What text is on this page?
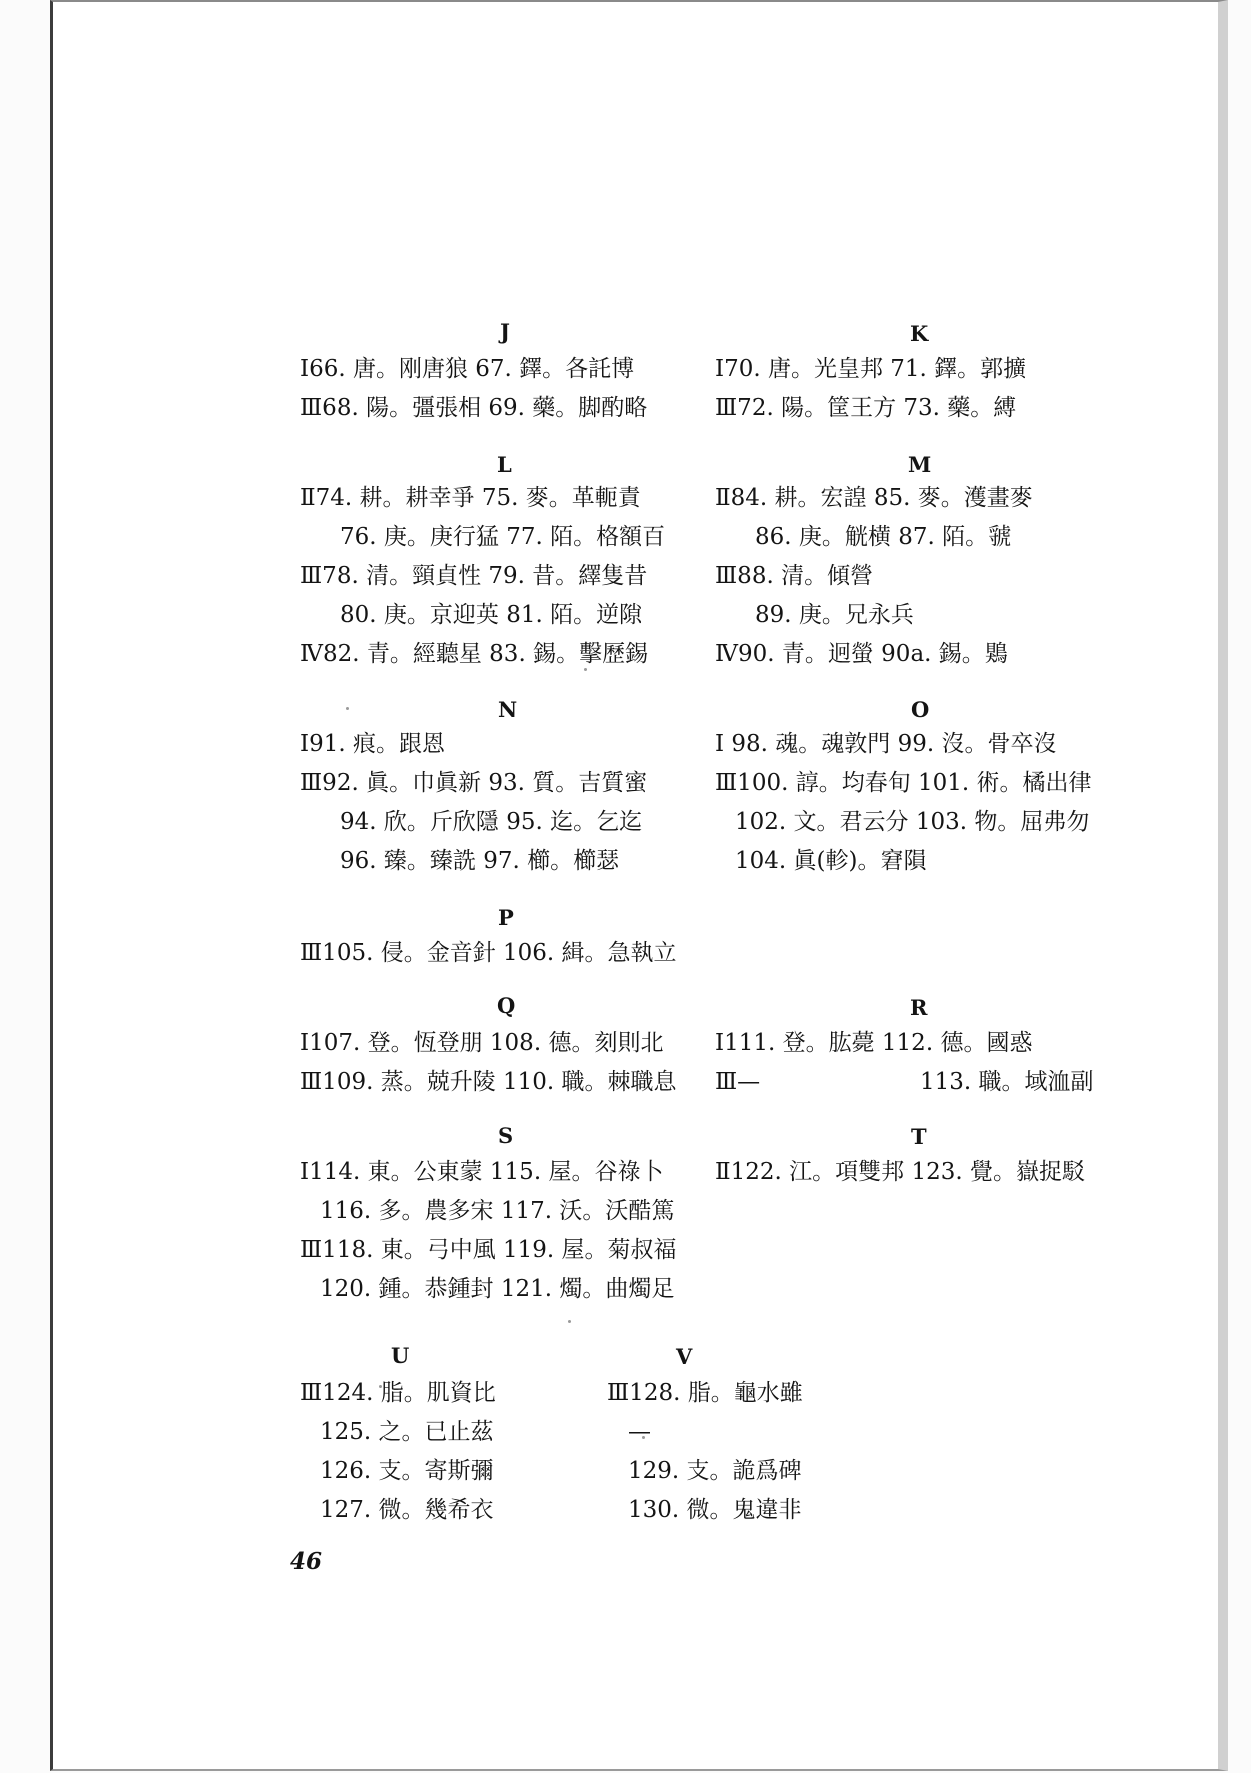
J	K
Ⅰ66. 唐。刚唐狼 67. 鐸。各託博
Ⅲ68. 陽。彊張相 69. 藥。脚酌略
Ⅰ70. 唐。光皇邦 71. 鐸。郭擴
Ⅲ72. 陽。筐王方 73. 藥。縛
L	M
Ⅱ74. 耕。耕幸爭 75. 麥。革軛責
76. 庚。庚行猛 77. 陌。格額百
Ⅲ78. 清。頸貞性 79. 昔。繹隻昔
80. 庚。京迎英 81. 陌。逆隙
Ⅳ82. 青。經聽星 83. 錫。擊歷錫
Ⅱ84. 耕。宏諻 85. 麥。濩畫麥
86. 庚。觥横 87. 陌。虢
Ⅲ88. 清。傾營
89. 庚。兄永兵
Ⅳ90. 青。迥螢 90a. 錫。鶪
N	O
Ⅰ91. 痕。跟恩
Ⅲ92. 眞。巾眞新 93. 質。吉質蜜
94. 欣。斤欣隱 95. 迄。乞迄
96. 臻。臻詵 97. 櫛。櫛瑟
Ⅰ 98. 魂。魂敦門 99. 沒。骨卒沒
Ⅲ100. 諄。均春旬 101. 術。橘出律
102. 文。君云分 103. 物。屈弗勿
104. 眞(軫)。窘隕
P
Ⅲ105. 侵。金音針 106. 緝。急執立
Q	R
Ⅰ107. 登。恆登朋 108. 德。刻則北
Ⅲ109. 蒸。兢升陵 110. 職。棘職息
Ⅰ111. 登。肱薨 112. 德。國惑
Ⅲ—	113. 職。域洫副
S	T
Ⅰ114. 東。公東蒙 115. 屋。谷祿卜
116. 多。農多宋 117. 沃。沃酷篤
Ⅲ118. 東。弓中風 119. 屋。菊叔福
120. 鍾。恭鍾封 121. 燭。曲燭足
Ⅱ122. 江。項雙邦 123. 覺。嶽捉駁
U	V
Ⅲ124. 脂。肌資比
125. 之。已止茲
126. 支。寄斯彌
127. 微。幾希衣
Ⅲ128. 脂。龜水雖
—
129. 支。詭爲碑
130. 微。鬼違非
46
